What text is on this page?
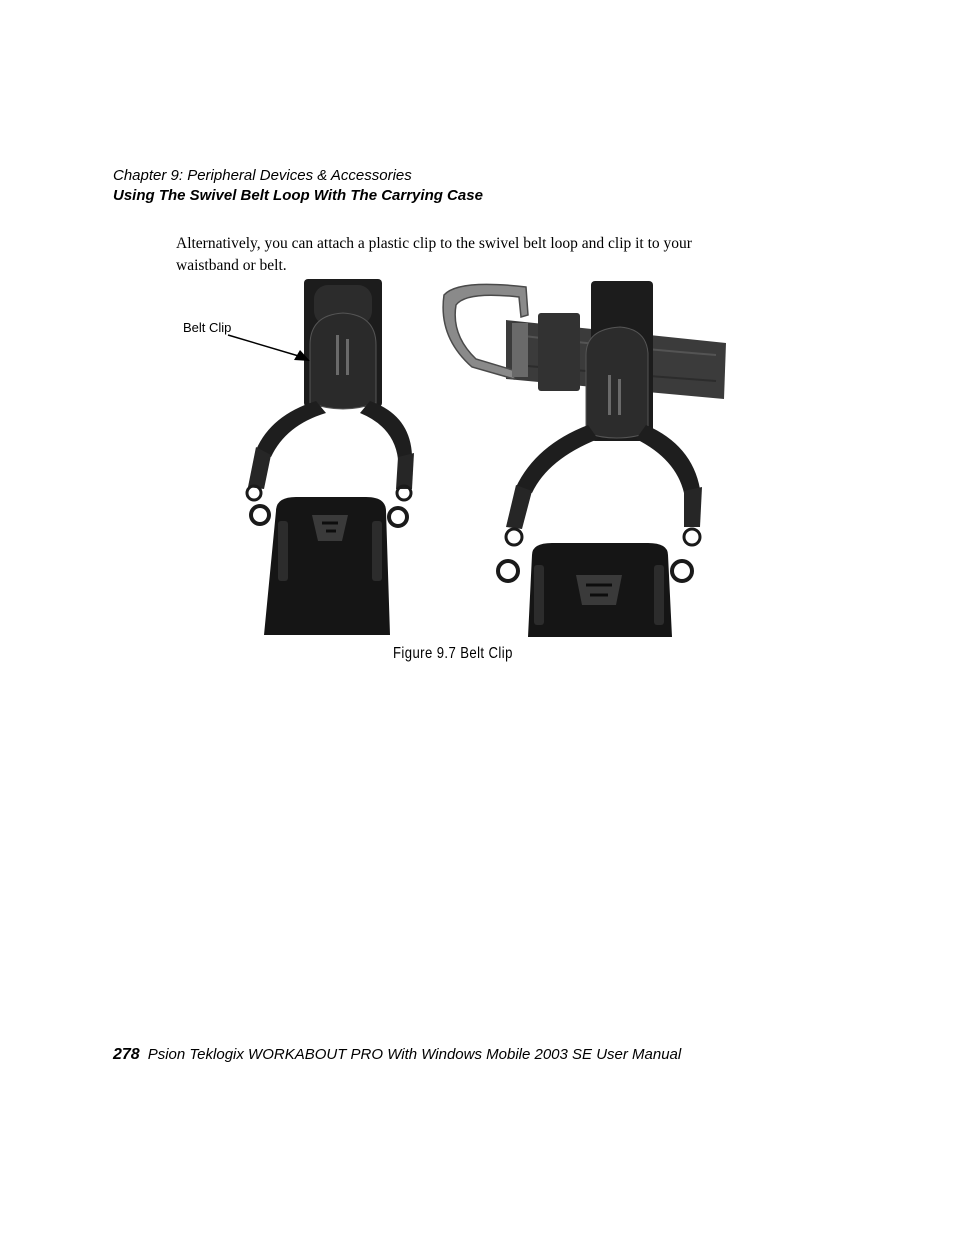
Chapter 9: Peripheral Devices & Accessories
Using The Swivel Belt Loop With The Carrying Case
Alternatively, you can attach a plastic clip to the swivel belt loop and clip it to your waistband or belt.
Belt Clip
Figure 9.7 Belt Clip
278 Psion Teklogix WORKABOUT PRO With Windows Mobile 2003 SE User Manual
